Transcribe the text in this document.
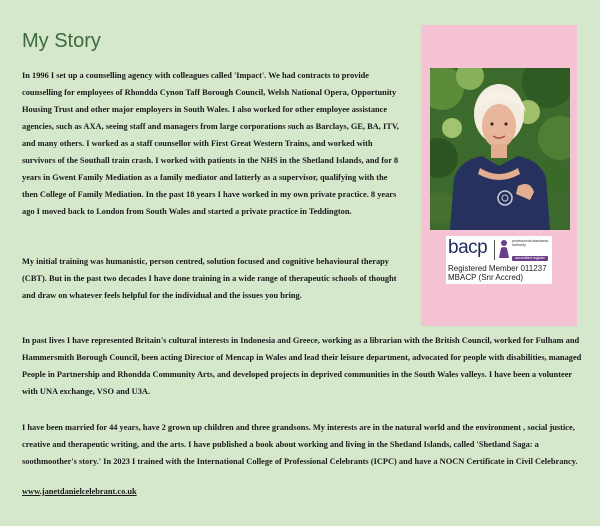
My Story

In 1996 I set up a counselling agency with colleagues called 'Impact'. We had contracts to provide counselling for employees of Rhondda Cynon Taff Borough Council, Welsh National Opera, Opportunity Housing Trust and other major employers in South Wales. I also worked for other employee assistance agencies, such as AXA, seeing staff and managers from large corporations such as Barclays, GE, BA, ITV, and many others. I worked as a staff counsellor with First Great Western Trains, and worked with survivors of the Southall train crash. I worked with patients in the NHS in the Shetland Islands, and for 8 years in Gwent Family Mediation as a family mediator and latterly as a supervisor, qualifying with the then College of Family Mediation. In the past 18 years I have worked in my own private practice. 8 years ago I moved back to London from South Wales and started a private practice in Teddington.

My initial training was humanistic, person centred, solution focused and cognitive behavioural therapy (CBT). But in the past two decades I have done training in a wide range of therapeutic schools of thought and draw on whatever feels helpful for the individual and the issues you bring.

In past lives I have represented Britain's cultural interests in Indonesia and Greece, working as a librarian with the British Council, worked for Fulham and Hammersmith Borough Council, been acting Director of Mencap in Wales and lead their leisure department, advocated for people with disabilities, managed People in Partnership and Rhondda Community Arts, and developed projects in deprived communities in the South Wales valleys. I have been a volunteer with UNA exchange, VSO and U3A.

I have been married for 44 years, have 2 grown up children and three grandsons. My interests are in the natural world and the environment , social justice, creative and therapeutic writing, and the arts. I have published a book about working and living in the Shetland Islands, called 'Shetland Saga: a soothmoother's story.' In 2023 I trained with the International College of Professional Celebrants (ICPC) and have a NOCN Certificate in Civil Celebrancy.

www.janetdanielcelebrant.co.uk
bacp	professional standards authority
accredited register
Registered Member 011237
MBACP (Snr Accred)
